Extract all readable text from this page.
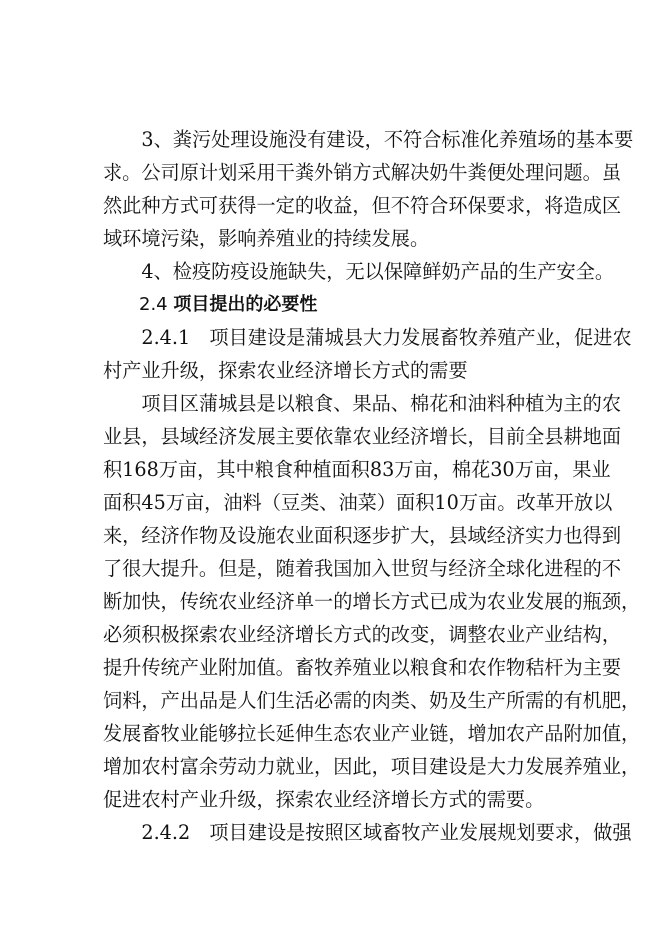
　　3、粪污处理设施没有建设，不符合标准化养殖场的基本要

求。公司原计划采用干粪外销方式解决奶牛粪便处理问题。虽

然此种方式可获得一定的收益，但不符合环保要求，将造成区

域环境污染，影响养殖业的持续发展。

　　4、检疫防疫设施缺失，无以保障鲜奶产品的生产安全。

　　2.4 项目提出的必要性

　　2.4.1　项目建设是蒲城县大力发展畜牧养殖产业，促进农

村产业升级，探索农业经济增长方式的需要

　　项目区蒲城县是以粮食、果品、棉花和油料种植为主的农

业县，县域经济发展主要依靠农业经济增长，目前全县耕地面

积168万亩，其中粮食种植面积83万亩，棉花30万亩，果业

面积45万亩，油料（豆类、油菜）面积10万亩。改革开放以

来，经济作物及设施农业面积逐步扩大，县域经济实力也得到

了很大提升。但是，随着我国加入世贸与经济全球化进程的不

断加快，传统农业经济单一的增长方式已成为农业发展的瓶颈，

必须积极探索农业经济增长方式的改变，调整农业产业结构，

提升传统产业附加值。畜牧养殖业以粮食和农作物秸杆为主要

饲料，产出品是人们生活必需的肉类、奶及生产所需的有机肥，

发展畜牧业能够拉长延伸生态农业产业链，增加农产品附加值，

增加农村富余劳动力就业，因此，项目建设是大力发展养殖业，

促进农村产业升级，探索农业经济增长方式的需要。

　　2.4.2　项目建设是按照区域畜牧产业发展规划要求，做强
